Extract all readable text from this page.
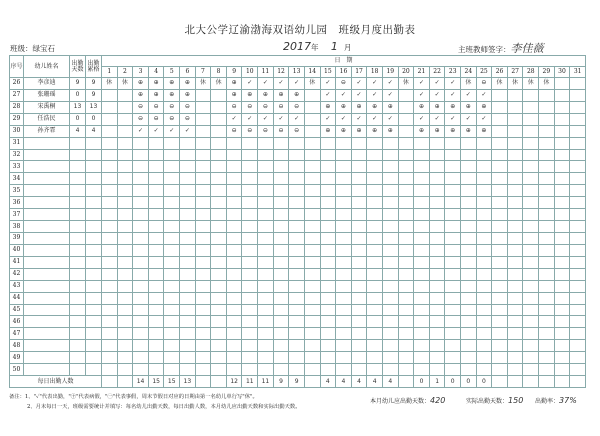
北大公学辽渝渤海双语幼儿园　班级月度出勤表
班级：绿宝石	2017年 1 月	主班教师签字：李佳薇
序号	幼儿姓名	出勤天数	出勤累格	日　期																														
				1	2	3	4	5	6	7	8	9	10	11	12	13	14	15	16	17	18	19	20	21	22	23	24	25	26	27	28	29	30	31
26	李彦迪	9	9	休	休	⊕	⊕	⊕	⊕	休	休	⊕	✓	✓	✓	✓	休	✓	⊖	✓	✓	✓	休	✓	✓	✓	休	⊖	休	休	休	休		
27	张珊瑶	0	9			⊕	⊕	⊕	⊕			⊕	⊕	⊕	⊕	⊕		✓	✓	✓	✓	✓		✓	✓	✓	✓	✓						
28	宋禹桐	13	13			⊖	⊖	⊖	⊖			⊖	⊖	⊖	⊖	⊖		⊕	⊕	⊕	⊕	⊕		⊕	⊕	⊕	⊕	⊕						
29	任浩民	0	0			⊖	⊖	⊖	⊖			✓	✓	✓	✓	✓		✓	✓	✓	✓	✓		✓	✓	✓	✓	✓						
30	孙齐霏	4	4			✓	✓	✓	✓			⊖	⊖	⊖	⊖	⊖		⊕	⊕	⊕	⊕	⊕		⊕	⊕	⊕	⊕	⊕						
31																																		
32																																		
33																																		
34																																		
35																																		
36																																		
37																																		
38																																		
39																																		
40																																		
41																																		
42																																		
43																																		
44																																		
45																																		
46																																		
47																																		
48																																		
49																																		
50																																		
每日出勤人数						14	15	15	13			12	11	11	9	9		4	4	4	4	4		0	1	0	0	0						
备注：1、"✓"代表出勤，"㊉"代表病假，"㊀"代表事假，周末节假日对应的日期由第一名幼儿单行写"休"。
2、月末每日一天，班级需要统计并填写：每名幼儿出勤天数，每日出勤人数，本月幼儿应出勤天数和实际出勤天数。
本月幼儿应出勤天数：420	实际出勤天数：150 出勤率：37%
